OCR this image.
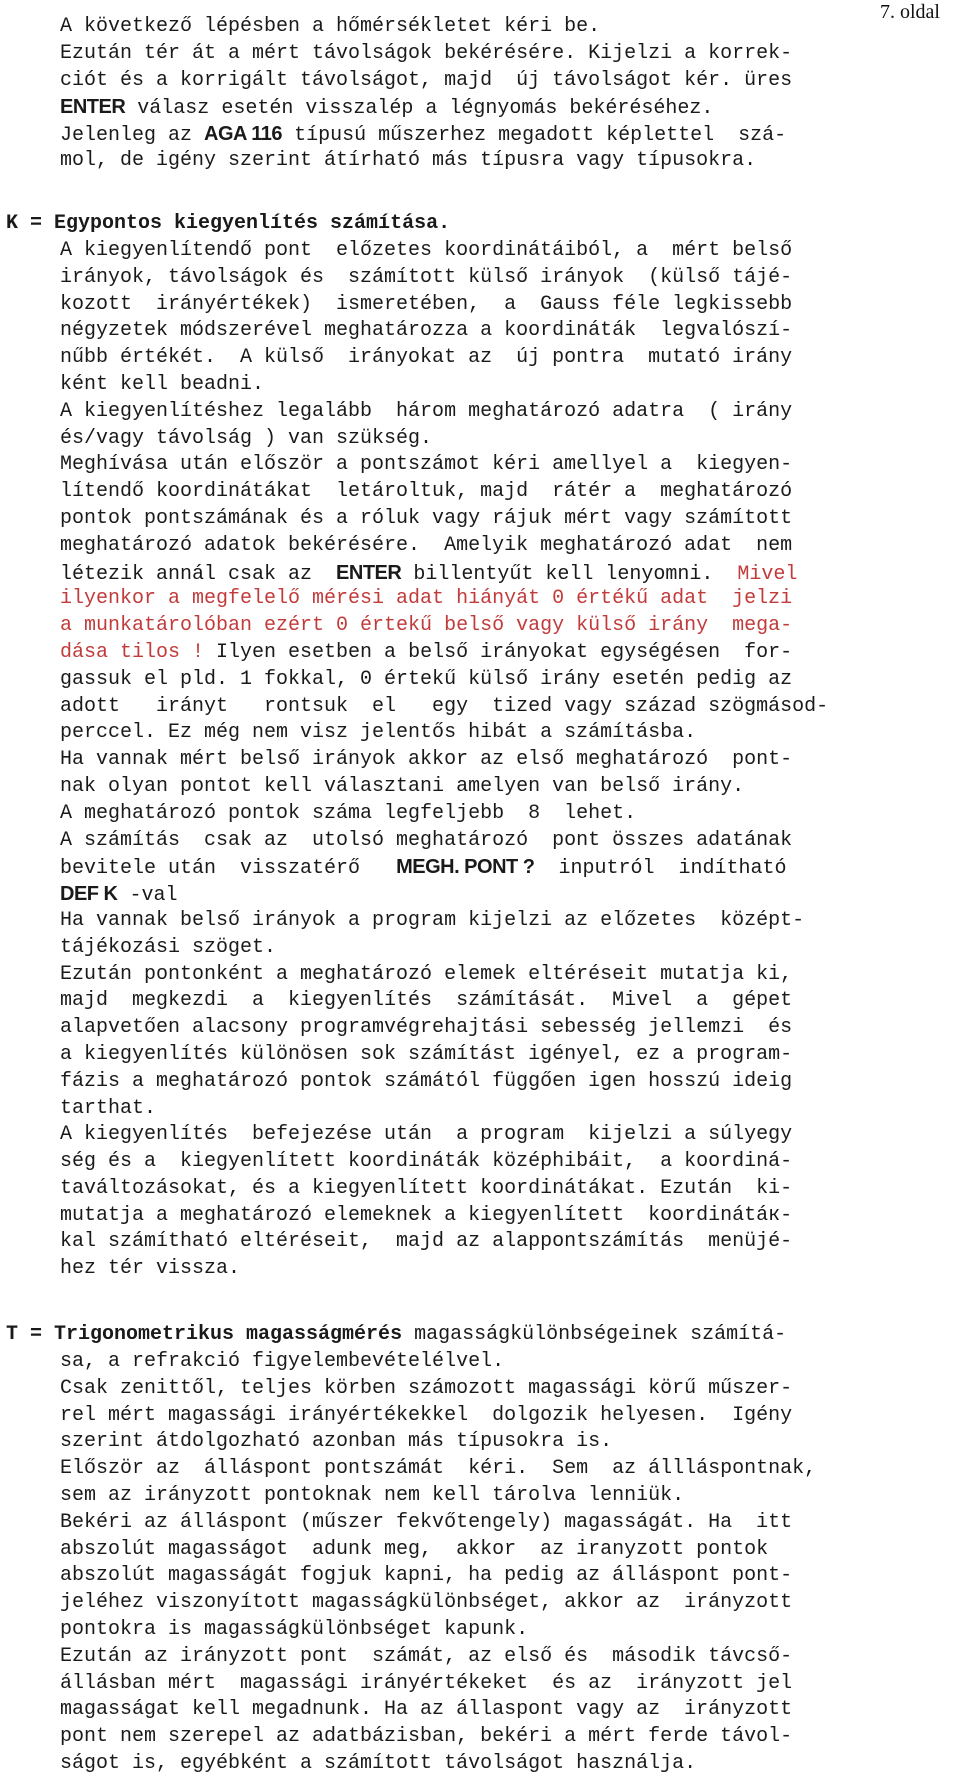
7. oldal
A következő lépésben a hőmérsékletet kéri be.
Ezután tér át a mért távolságok bekérésére. Kijelzi a korrek-
ciót és a korrigált távolságot, majd  új távolságot kér. üres
ENTER válasz esetén visszalép a légnyomás bekéréséhez.
Jelenleg az AGA 116 típusú műszerhez megadott képlettel  szá-
mol, de igény szerint átírható más típusra vagy típusokra.
K = Egypontos kiegyenlítés számítása.
A kiegyenlítendő pont  előzetes koordinátáiból, a  mért belső
irányok, távolságok és  számított külső irányok  (külső tájé-
kozott  irányértékek)  ismeretében,  a  Gauss féle legkissebb
négyzetek módszerével meghatározza a koordináták  legvalószí-
nűbb értékét.  A külső  irányokat az  új pontra  mutató irány
ként kell beadni.
A kiegyenlítéshez legalább  három meghatározó adatra  ( irány
és/vagy távolság ) van szükség.
Meghívása után először a pontszámot kéri amellyel a  kiegyen-
lítendő koordinátákat  letároltuk, majd  rátér a  meghatározó
pontok pontszámának és a róluk vagy rájuk mért vagy számított
meghatározó adatok bekérésére.  Amelyik meghatározó adat  nem
létezik annál csak az  ENTER billentyűt kell lenyomni.  Mivel
ilyenkor a megfelelő mérési adat hiányát 0 értékű adat  jelzi
a munkatárolóban ezért 0 értekű belső vagy külső irány  mega-
dása tilos ! Ilyen esetben a belső irányokat egységésen  for-
gassuk el pld. 1 fokkal, 0 értekű külső irány esetén pedig az
adott   irányt   rontsuk  el   egy  tized vagy század szögmásod-
perccel. Ez még nem visz jelentős hibát a számításba.
Ha vannak mért belső irányok akkor az első meghatározó  pont-
nak olyan pontot kell választani amelyen van belső irány.
A meghatározó pontok száma legfeljebb  8  lehet.
A számítás  csak az  utolsó meghatározó  pont összes adatának
bevitele után  visszatérő   MEGH. PONT ?  inputról  indítható
DEF K -val
Ha vannak belső irányok a program kijelzi az előzetes  középt-
tájékozási szöget.
Ezután pontonként a meghatározó elemek eltéréseit mutatja ki,
majd  megkezdi  a  kiegyenlítés  számítását.  Mivel  a  gépet
alapvetően alacsony programvégrehajtási sebesség jellemzi  és
a kiegyenlítés különösen sok számítást igényel, ez a program-
fázis a meghatározó pontok számától függően igen hosszú ideig
tarthat.
A kiegyenlítés  befejezése után  a program  kijelzi a súlyegy
ség és a  kiegyenlített koordináták középhibáit,  a koordiná-
taváltozásokat, és a kiegyenlített koordinátákat. Ezután  ki-
mutatja a meghatározó elemeknek a kiegyenlített  koordinátáк-
kal számítható eltéréseit,  majd az alappontszámítás  menüjé-
hez tér vissza.
T = Trigonometrikus magasságmérés magasságkülönbségeinek számítá-
sa, a refrakció figyelembevételélvel.
Csak zenittől, teljes körben számozott magassági körű műszer-
rel mért magassági irányértékekkel  dolgozik helyesen.  Igény
szerint átdolgozható azonban más típusokra is.
Először az  álláspont pontszámát  kéri.  Sem  az állláspontnak,
sem az irányzott pontoknak nem kell tárolva lenniük.
Bekéri az álláspont (műszer fekvőtengely) magasságát. Ha  itt
abszolút magasságot  adunk meg,  akkor  az iranyzott pontok
abszolút magasságát fogjuk kapni, ha pedig az álláspont pont-
jeléhez viszonyított magasságkülönbséget, akkor az  irányzott
pontokra is magasságkülönbséget kapunk.
Ezután az irányzott pont  számát, az első és  második távcső-
állásban mért  magassági irányértékeket  és az  irányzott jel
magasságat kell megadnunk. Ha az állaspont vagy az  irányzott
pont nem szerepel az adatbázisban, bekéri a mért ferde távol-
ságot is, egyébként a számított távolságot használja.
